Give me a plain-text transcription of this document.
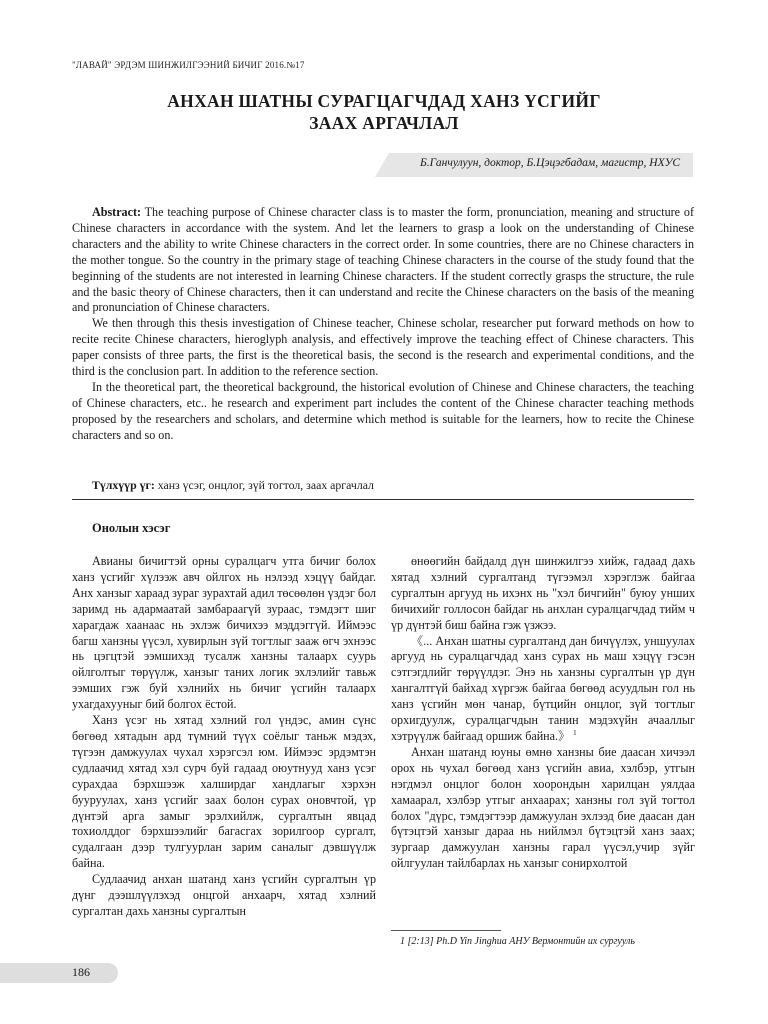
"ЛАВАЙ" ЭРДЭМ ШИНЖИЛГЭЭНИЙ БИЧИГ 2016.№17
АНХАН ШАТНЫ СУРАГЦАГЧДАД ХАНЗ ҮСГИЙГ
ЗААХ АРГАЧЛАЛ
Б.Ганчулуун, доктор, Б.Цэцэгбадам, магистр, НХУС

Abstract: The teaching purpose of Chinese character class is to master the form, pronunciation, meaning and structure of Chinese characters in accordance with the system. And let the learners to grasp a look on the understanding of Chinese characters and the ability to write Chinese characters in the correct order. In some countries, there are no Chinese characters in the mother tongue. So the country in the primary stage of teaching Chinese characters in the course of the study found that the beginning of the students are not interested in learning Chinese characters. If the student correctly grasps the structure, the rule and the basic theory of Chinese characters, then it can understand and recite the Chinese characters on the basis of the meaning and pronunciation of Chinese characters.

We then through this thesis investigation of Chinese teacher, Chinese scholar, researcher put forward methods on how to recite recite Chinese characters, hieroglyph analysis, and effectively improve the teaching effect of Chinese characters. This paper consists of three parts, the first is the theoretical basis, the second is the research and experimental conditions, and the third is the conclusion part. In addition to the reference section.

In the theoretical part, the theoretical background, the historical evolution of Chinese and Chinese characters, the teaching of Chinese characters, etc.. he research and experiment part includes the content of the Chinese character teaching methods proposed by the researchers and scholars, and determine which method is suitable for the learners, how to recite the Chinese characters and so on.

Түлхүүр үг: ханз үсэг, онцлог, зүй тогтол, заах аргачлал
Онолын хэсэг

Авианы бичигтэй орны суралцагч утга бичиг болох ханз үсгийг хүлээж авч ойлгох нь нэлээд хэцүү байдаг. Анх ханзыг хараад зураг зурахтай адил төсөөлөн үздэг бол заримд нь адармаатай замбараагүй зураас, тэмдэгт шиг харагдаж хаанаас нь эхлэж бичихээ мэддэггүй. Иймээс багш ханзны үүсэл, хувирлын зүй тогтлыг зааж өгч эхнээс нь цэгцтэй ээмшихэд тусалж ханзны талаарх суурь ойлголтыг төрүүлж, ханзыг таних логик эхлэлийг тавьж ээмших гэж буй хэлнийх нь бичиг үсгийн талаарх ухагдахууныг бий болгох ёстой.

Ханз үсэг нь хятад хэлний гол үндэс, амин сүнс бөгөөд хятадын ард түмний түүх соёлыг таньж мэдэх, түгээн дамжуулах чухал хэрэгсэл юм. Иймээс эрдэмтэн судлаачид хятад хэл сурч буй гадаад оюутнууд ханз үсэг сурахдаа бэрхшээж халширдаг хандлагыг хэрхэн бууруулах, ханз үсгийг заах болон сурах оновчтой, үр дүнтэй арга замыг эрэлхийлж, сургалтын явцад тохиолддог бэрхшээлийг багасгах зорилгоор сургалт, судалгаан дээр тулгуурлан зарим саналыг дэвшүүлж байна.

Судлаачид анхан шатанд ханз үсгийн сургалтын үр дүнг дээшлүүлэхэд онцгой анхаарч, хятад хэлний сургалтан дахь ханзны сургалтын

өнөөгийн байдалд дүн шинжилгээ хийж, гадаад дахь хятад хэлний сургалтанд түгээмэл хэрэглэж байгаа сургалтын аргууд нь ихэнх нь "хэл бичгийн" буюу унших бичихийг голлосон байдаг нь анхлан суралцагчдад тийм ч үр дүнтэй биш байна гэж үзжээ.

《... Анхан шатны сургалтанд дан бичүүлэх, уншуулах аргууд нь суралцагчдад ханз сурах нь маш хэцүү гэсэн сэтгэгдлийг төрүүлдэг. Энэ нь ханзны сургалтын үр дүн хангалтгүй байхад хүргэж байгаа бөгөөд асуудлын гол нь ханз үсгийн мөн чанар, бүтцийн онцлог, зүй тогтлыг орхигдуулж, суралцагчдын танин мэдэхүйн ачааллыг хэтрүүлж байгаад оршиж байна.》 $^1$

Анхан шатанд юуны өмнө ханзны бие даасан хичээл орох нь чухал бөгөөд ханз үсгийн авиа, хэлбэр, утгын нэгдмэл онцлог болон хоорондын харилцан уялдаа хамаарал, хэлбэр утгыг анхаарах; ханзны гол зүй тогтол болох "дүрс, тэмдэгтээр дамжуулан эхлээд бие даасан дан бүтэцтэй ханзыг дараа нь нийлмэл бүтэцтэй ханз заах; зургаар дамжуулан ханзны гарал үүсэл,учир зүйг ойлгуулан тайлбарлах нь ханзыг сонирхолтой

1 [2:13] Ph.D Yin Jinghua АНУ Вермонтийн их сургууль
186
